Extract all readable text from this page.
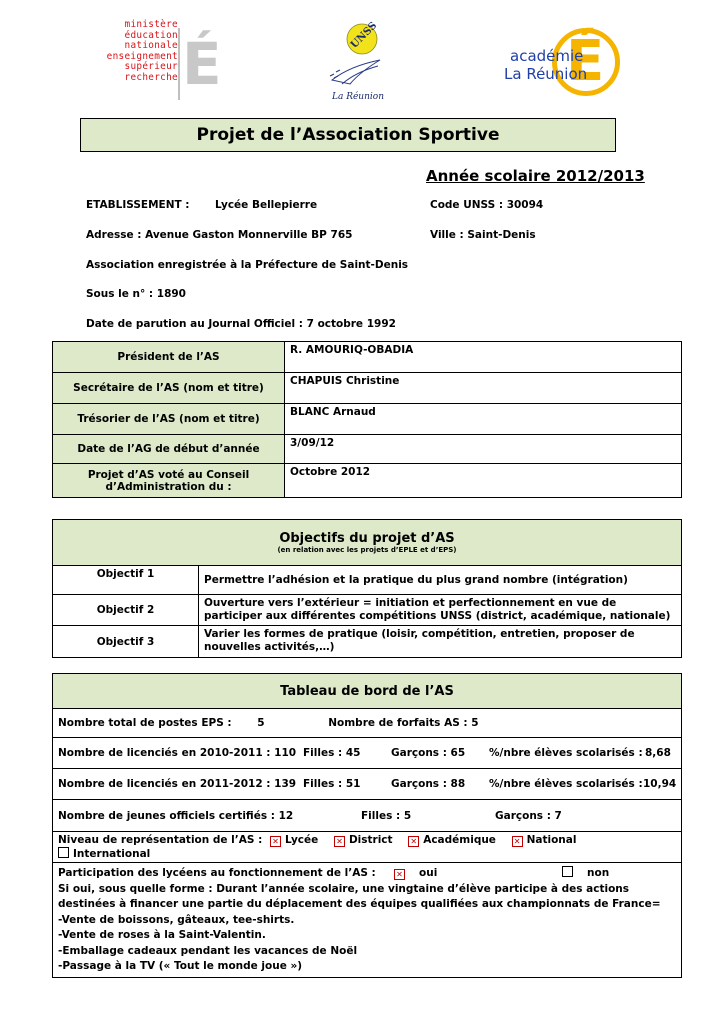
ministère
éducation
nationale
enseignement
supérieur
recherche É	UNSS
La Réunion
É
académie
La Réunion
Projet de l’Association Sportive
Année scolaire 2012/2013
ETABLISSEMENT : Lycée Bellepierre	Code UNSS : 30094
Adresse : Avenue Gaston Monnerville BP 765	Ville : Saint-Denis
Association enregistrée à la Préfecture de Saint-Denis
Sous le n° : 1890
Date de parution au Journal Officiel : 7 octobre 1992
Président de l’AS	R. AMOURIQ-OBADIA
Secrétaire de l’AS (nom et titre)	CHAPUIS Christine
Trésorier de l’AS (nom et titre)	BLANC Arnaud
Date de l’AG de début d’année	3/09/12
Projet d’AS voté au Conseil d’Administration du :	Octobre 2012
Objectifs du projet d’AS
(en relation avec les projets d’EPLE et d’EPS)	

Objectif 1	Permettre l’adhésion et la pratique du plus grand nombre (intégration)
Objectif 2	Ouverture vers l’extérieur = initiation et perfectionnement en vue de participer aux différentes compétitions UNSS (district, académique, nationale)
Objectif 3	Varier les formes de pratique (loisir, compétition, entretien, proposer de nouvelles activités,…)
Tableau de bord de l’AS
Nombre total de postes EPS : 5	Nombre de forfaits AS : 5
Nombre de licenciés en 2010-2011 : 110 Filles : 45	Garçons : 65 %/nbre élèves scolarisés : 8,68

Nombre de licenciés en 2011-2012 : 139 Filles : 51	Garçons : 88 %/nbre élèves scolarisés : 10,94

Nombre de jeunes officiels certifiés : 12	Filles : 5	Garçons : 7

Niveau de représentation de l’AS : ✕ Lycée ✕ District ✕ Académique ✕ National International

Participation des lycéens au fonctionnement de l’AS :	✕ oui	non
Si oui, sous quelle forme : Durant l’année scolaire, une vingtaine d’élève participe à des actions
destinées à financer une partie du déplacement des équipes qualifiées aux championnats de France=
-Vente de boissons, gâteaux, tee-shirts.
-Vente de roses à la Saint-Valentin.
-Emballage cadeaux pendant les vacances de Noël
-Passage à la TV (« Tout le monde joue »)
